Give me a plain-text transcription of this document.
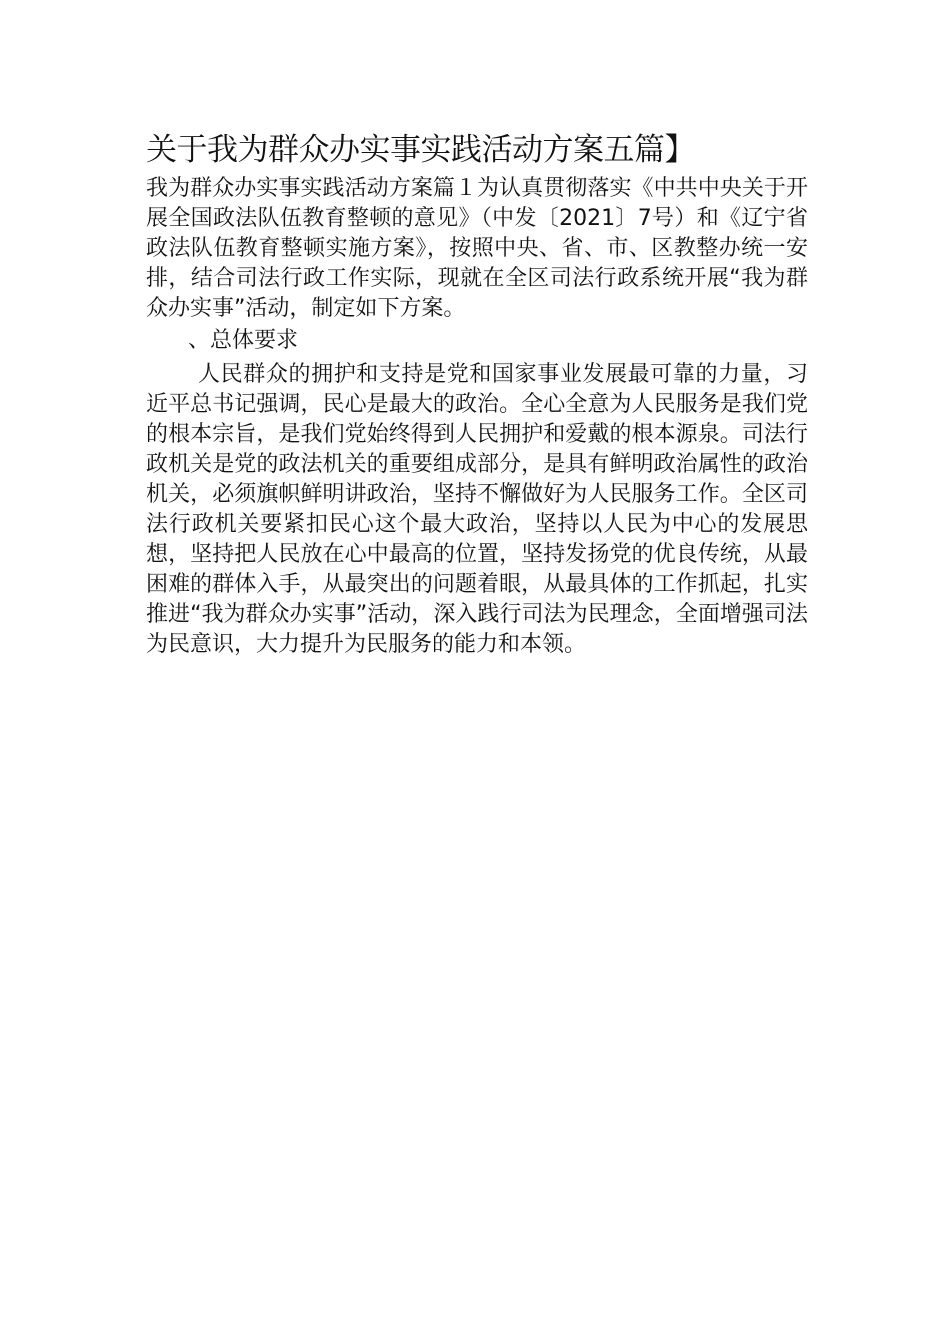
关于我为群众办实事实践活动方案五篇】

我为群众办实事实践活动方案篇１为认真贯彻落实《中共中央关于开展全国政法队伍教育整顿的意见》（中发〔2021〕7号）和《辽宁省政法队伍教育整顿实施方案》，按照中央、省、市、区教整办统一安排，结合司法行政工作实际，现就在全区司法行政系统开展“我为群众办实事”活动，制定如下方案。

、总体要求

人民群众的拥护和支持是党和国家事业发展最可靠的力量，习近平总书记强调，民心是最大的政治。全心全意为人民服务是我们党的根本宗旨，是我们党始终得到人民拥护和爱戴的根本源泉。司法行政机关是党的政法机关的重要组成部分，是具有鲜明政治属性的政治机关，必须旗帜鲜明讲政治，坚持不懈做好为人民服务工作。全区司法行政机关要紧扣民心这个最大政治，坚持以人民为中心的发展思想，坚持把人民放在心中最高的位置，坚持发扬党的优良传统，从最困难的群体入手，从最突出的问题着眼，从最具体的工作抓起，扎实推进“我为群众办实事”活动，深入践行司法为民理念，全面增强司法为民意识，大力提升为民服务的能力和本领。
